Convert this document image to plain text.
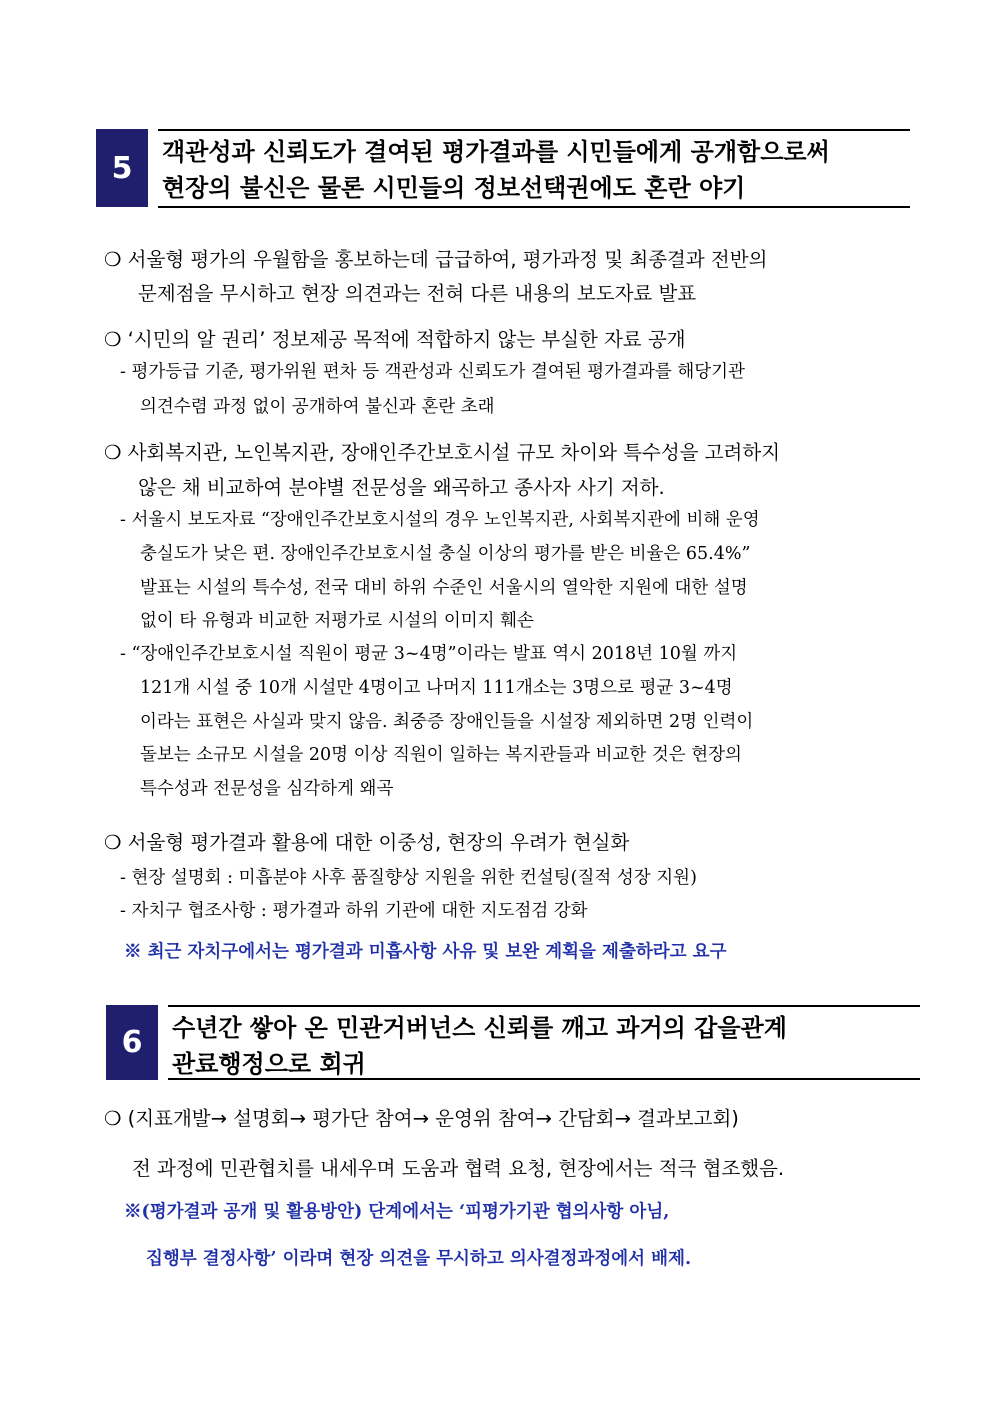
5	객관성과 신뢰도가 결여된 평가결과를 시민들에게 공개함으로써
현장의 불신은 물론 시민들의 정보선택권에도 혼란 야기
❍ 서울형 평가의 우월함을 홍보하는데 급급하여, 평가과정 및 최종결과 전반의
문제점을 무시하고 현장 의견과는 전혀 다른 내용의 보도자료 발표
❍ ‘시민의 알 권리’ 정보제공 목적에 적합하지 않는 부실한 자료 공개
- 평가등급 기준, 평가위원 편차 등 객관성과 신뢰도가 결여된 평가결과를 해당기관
의견수렴 과정 없이 공개하여 불신과 혼란 초래
❍ 사회복지관, 노인복지관, 장애인주간보호시설 규모 차이와 특수성을 고려하지
않은 채 비교하여 분야별 전문성을 왜곡하고 종사자 사기 저하.
- 서울시 보도자료 “장애인주간보호시설의 경우 노인복지관, 사회복지관에 비해 운영
충실도가 낮은 편. 장애인주간보호시설 충실 이상의 평가를 받은 비율은 65.4%”
발표는 시설의 특수성, 전국 대비 하위 수준인 서울시의 열악한 지원에 대한 설명
없이 타 유형과 비교한 저평가로 시설의 이미지 훼손
- “장애인주간보호시설 직원이 평균 3~4명”이라는 발표 역시 2018년 10월 까지
121개 시설 중 10개 시설만 4명이고 나머지 111개소는 3명으로 평균 3~4명
이라는 표현은 사실과 맞지 않음. 최중증 장애인들을 시설장 제외하면 2명 인력이
돌보는 소규모 시설을 20명 이상 직원이 일하는 복지관들과 비교한 것은 현장의
특수성과 전문성을 심각하게 왜곡
❍ 서울형 평가결과 활용에 대한 이중성, 현장의 우려가 현실화
- 현장 설명회 : 미흡분야 사후 품질향상 지원을 위한 컨설팅(질적 성장 지원)
- 자치구 협조사항 : 평가결과 하위 기관에 대한 지도점검 강화
※ 최근 자치구에서는 평가결과 미흡사항 사유 및 보완 계획을 제출하라고 요구
6	수년간 쌓아 온 민관거버넌스 신뢰를 깨고 과거의 갑을관계
관료행정으로 회귀
❍ (지표개발→ 설명회→ 평가단 참여→ 운영위 참여→ 간담회→ 결과보고회)
전 과정에 민관협치를 내세우며 도움과 협력 요청, 현장에서는 적극 협조했음.
※(평가결과 공개 및 활용방안) 단계에서는 ‘피평가기관 협의사항 아님,
집행부 결정사항’ 이라며 현장 의견을 무시하고 의사결정과정에서 배제.
